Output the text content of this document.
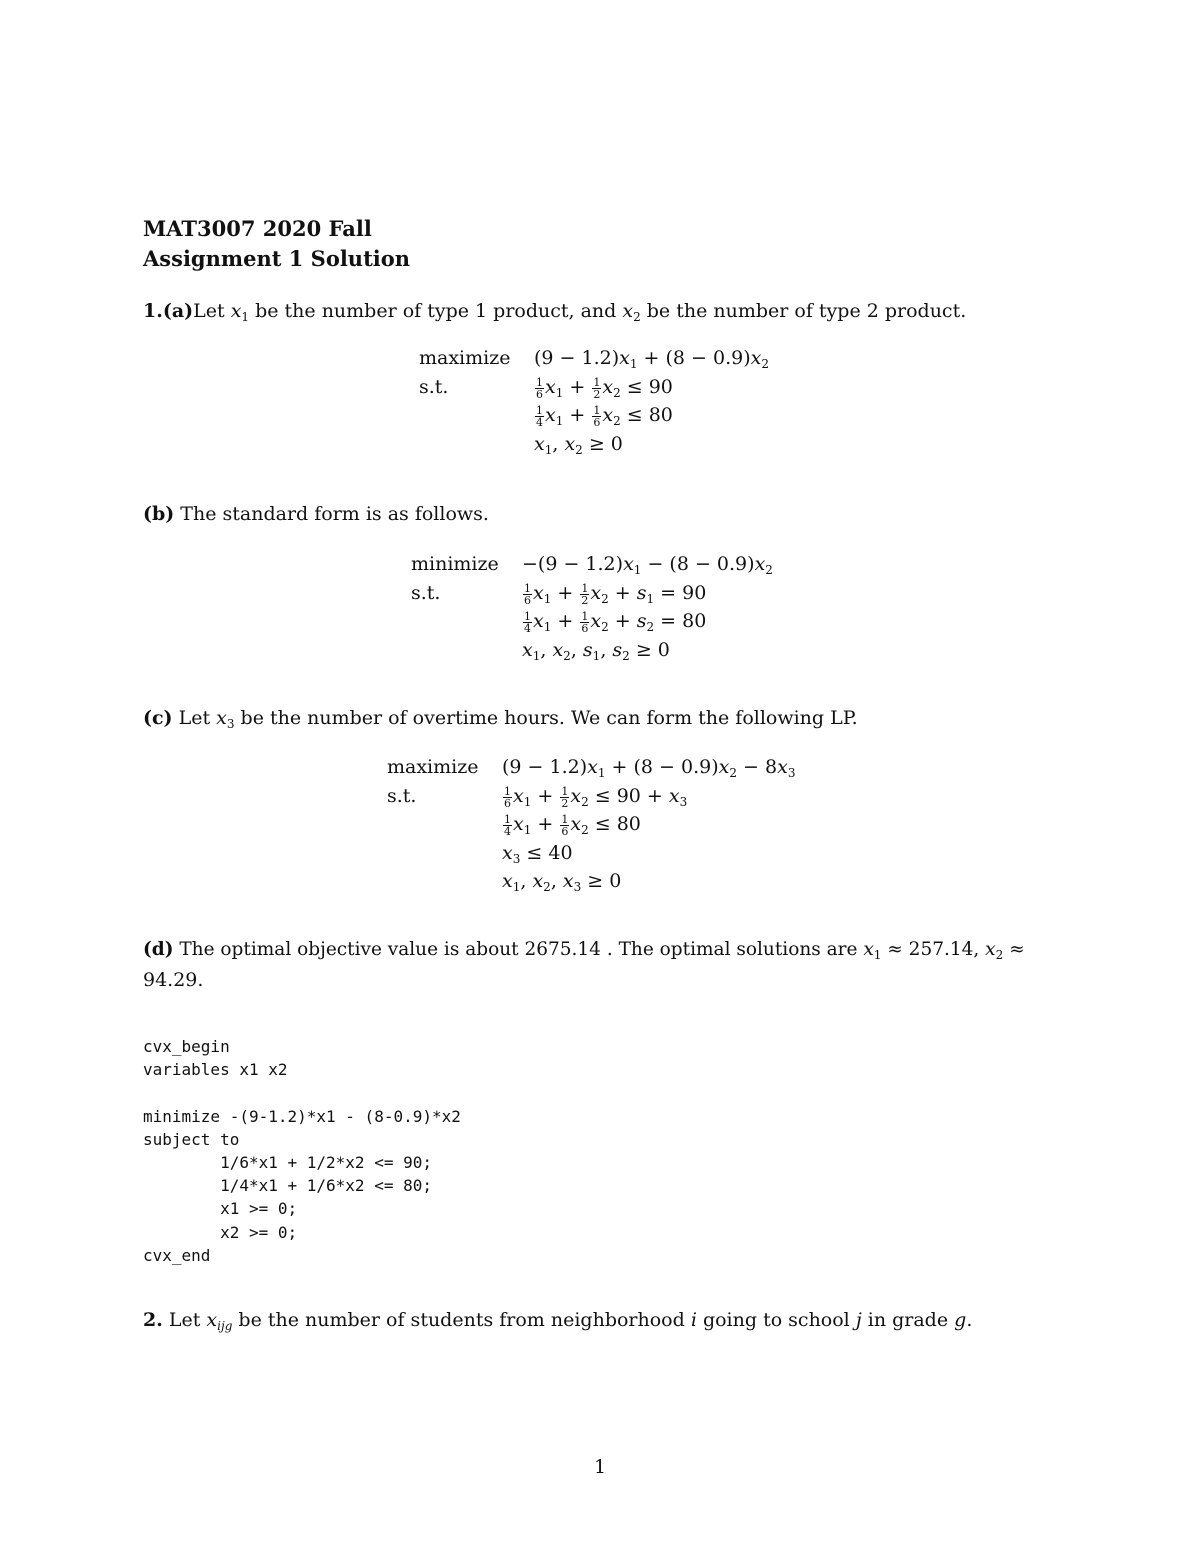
MAT3007 2020 Fall
Assignment 1 Solution
1.(a)Let $x_1$ be the number of type 1 product, and $x_2$ be the number of type 2 product.
maximize $(9 - 1.2)x_1 + (8 - 0.9)x_2$
s.t.	$\frac{1}{6} x_1 + \frac{1}{2} x_2 \le 90$
$\frac{1}{4} x_1 + \frac{1}{6} x_2 \le 80$
$x_1$, $x_2 \ge 0$
(b) The standard form is as follows.
minimize $-(9 - 1.2)x_1 - (8 - 0.9)x_2$
s.t.	$\frac{1}{6} x_1 + \frac{1}{2} x_2 + s_1 = 90$
$\frac{1}{4} x_1 + \frac{1}{6} x_2 + s_2 = 80$
$x_1$, $x_2$, $s_1$, $s_2 \ge 0$
(c) Let $x_3$ be the number of overtime hours. We can form the following LP.
maximize $(9 - 1.2)x_1 + (8 - 0.9)x_2 - 8x_3$
s.t.	$\frac{1}{6} x_1 + \frac{1}{2} x_2 \le 90 + x_3$
$\frac{1}{4} x_1 + \frac{1}{6} x_2 \le 80$
$x_3 \le 40$
$x_1$, $x_2$, $x_3 \ge 0$
(d) The optimal objective value is about 2675.14 . The optimal solutions are $x_1 \approx 257.14$, $x_2$ ≈
94.29.
cvx_begin
variables x1 x2
minimize -(9-1.2)*x1 - (8-0.9)*x2
subject to
1/6*x1 + 1/2*x2 <= 90;
1/4*x1 + 1/6*x2 <= 80;
x1 >= 0;
x2 >= 0;
cvx_end
2. Let $x_{ijg}$ be the number of students from neighborhood i going to school j in grade g.
1
